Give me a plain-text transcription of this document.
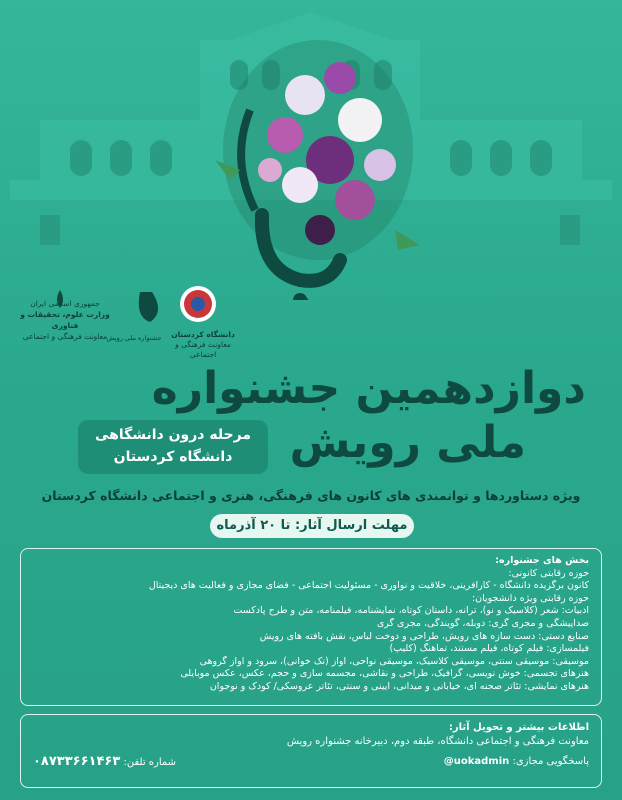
جمهوری اسلامی ایران
وزارت علوم، تحقیقات و فناوری
معاونت فرهنگی و اجتماعی جشنواره ملی رویش	دانشگاه کردستان
معاونت فرهنگی و اجتماعی
دوازدهمین جشنواره
ملی رویش
مرحله درون دانشگاهی
دانشگاه کردستان
ویژه دستاوردها و توانمندی های کانون های فرهنگی، هنری و اجتماعی دانشگاه کردستان
مهلت ارسال آثار: تا ۲۰ آذرماه
بخش های جشنواره:
حوزه رقابتی کانونی:
کانون برگزیده دانشگاه - کارآفرینی، خلاقیت و نوآوری - مسئولیت اجتماعی - فضای مجازی و فعالیت های دیجیتال
حوزه رقابتی ویژه دانشجویان:
ادبیات: شعر (کلاسیک و نو)، ترانه، داستان کوتاه، نمایشنامه، فیلمنامه، متن و طرح پادکست
صداپیشگی و مجری گری: دوبله، گویندگی، مجری گری
صنایع دستی: دست سازه های رویش، طراحی و دوخت لباس، نقش بافته های رویش
فیلمسازی: فیلم کوتاه، فیلم مستند، تماهنگ (کلیپ)
موسیقی: موسیقی سنتی، موسیقی کلاسیک، موسیقی نواحی، آواز (تک خوانی)، سرود و آواز گروهی
هنرهای تجسمی: خوش نویسی، گرافیک، طراحی و نقاشی، مجسمه سازی و حجم، عکس، عکس موبایلی
هنرهای نمایشی: تئاتر صحنه ای، خیابانی و میدانی، آیینی و سنتی، تئاتر عروسکی/ کودک و نوجوان
اطلاعات بیشتر و تحویل آثار:
معاونت فرهنگی و اجتماعی دانشگاه، طبقه دوم، دبیرخانه جشنواره رویش
پاسخگویی مجازی: @uokadmin
شماره تلفن: ۰۸۷۳۳۶۶۱۴۶۳
